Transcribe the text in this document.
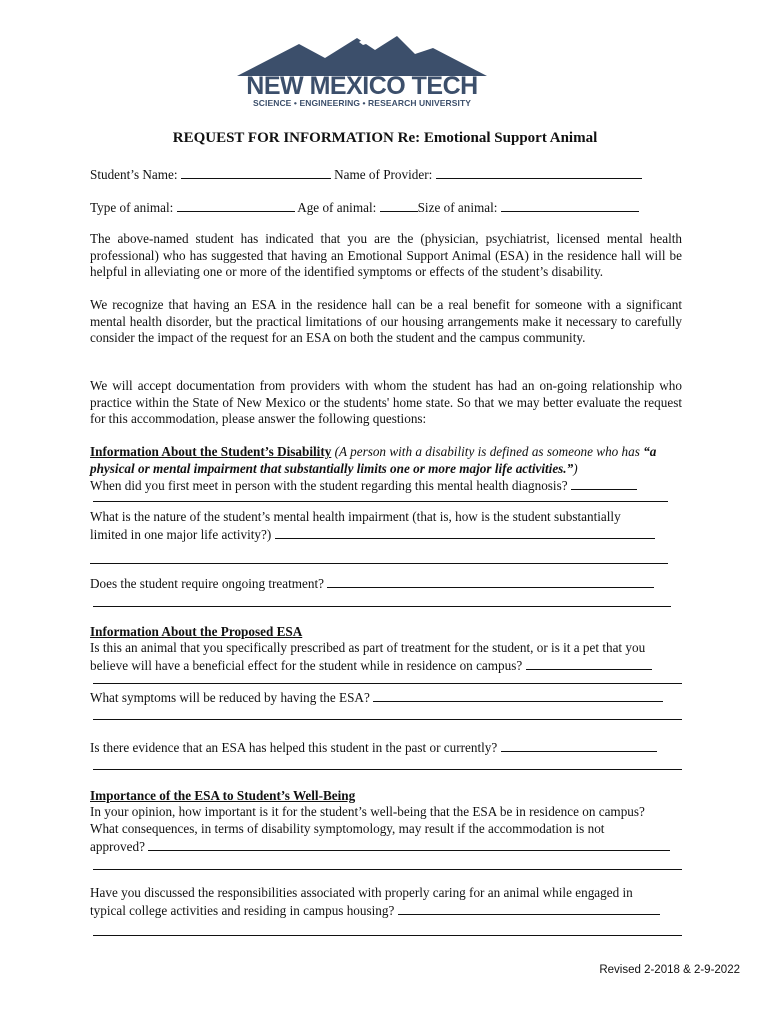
NEW MEXICO TECH
SCIENCE • ENGINEERING • RESEARCH UNIVERSITY
REQUEST FOR INFORMATION Re: Emotional Support Animal
Student’s Name:	Name of Provider:
Type of animal:	Age of animal:	Size of animal:
The above-named student has indicated that you are the (physician, psychiatrist, licensed mental health professional) who has suggested that having an Emotional Support Animal (ESA) in the residence hall will be helpful in alleviating one or more of the identified symptoms or effects of the student’s disability.
We recognize that having an ESA in the residence hall can be a real benefit for someone with a significant mental health disorder, but the practical limitations of our housing arrangements make it necessary to carefully consider the impact of the request for an ESA on both the student and the campus community.
We will accept documentation from providers with whom the student has had an on-going relationship who practice within the State of New Mexico or the students' home state. So that we may better evaluate the request for this accommodation, please answer the following questions:
Information About the Student’s Disability (A person with a disability is defined as someone who has “a physical or mental impairment that substantially limits one or more major life activities.”)
When did you first meet in person with the student regarding this mental health diagnosis?
What is the nature of the student’s mental health impairment (that is, how is the student substantially
limited in one major life activity?)
Does the student require ongoing treatment?
Information About the Proposed ESA
Is this an animal that you specifically prescribed as part of treatment for the student, or is it a pet that you
believe will have a beneficial effect for the student while in residence on campus?
What symptoms will be reduced by having the ESA?
Is there evidence that an ESA has helped this student in the past or currently?
Importance of the ESA to Student’s Well-Being
In your opinion, how important is it for the student’s well-being that the ESA be in residence on campus?
What consequences, in terms of disability symptomology, may result if the accommodation is not
approved?
Have you discussed the responsibilities associated with properly caring for an animal while engaged in
typical college activities and residing in campus housing?
Revised 2-2018 & 2-9-2022
